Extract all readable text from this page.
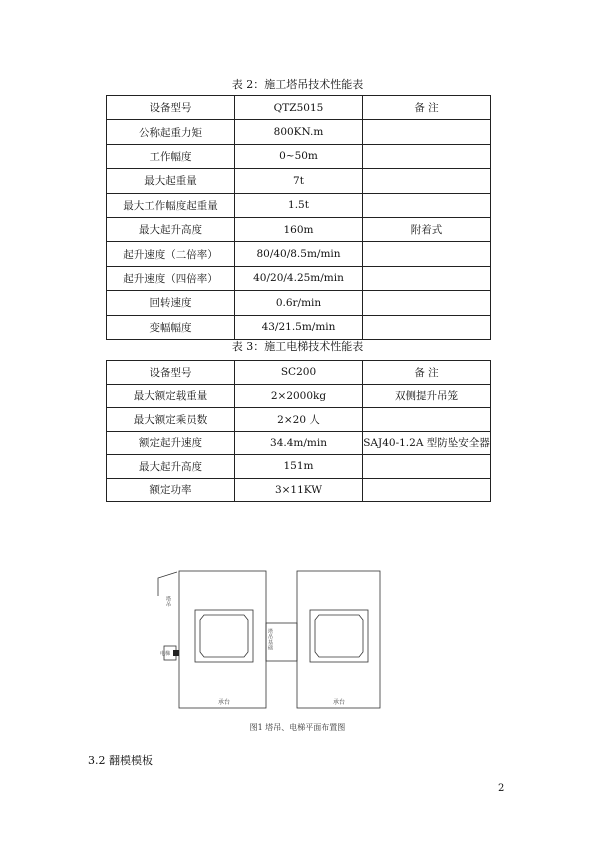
表 2：施工塔吊技术性能表
设备型号	QTZ5015	备 注
公称起重力矩	800KN.m	
工作幅度	0~50m	
最大起重量	7t	
最大工作幅度起重量	1.5t	
最大起升高度	160m	附着式
起升速度（二倍率）	80/40/8.5m/min	
起升速度（四倍率）	40/20/4.25m/min	
回转速度	0.6r/min	
变幅幅度	43/21.5m/min	
表 3：施工电梯技术性能表
设备型号	SC200	备 注
最大额定载重量	2×2000kg	双侧提升吊笼
最大额定乘员数	2×20 人	
额定起升速度	34.4m/min	SAJ40-1.2A 型防坠安全器
最大起升高度	151m	
额定功率	3×11KW	
塔吊
电梯
塔吊基础
承台	承台
图1 塔吊、电梯平面布置图
3.2 翻模模板
2
